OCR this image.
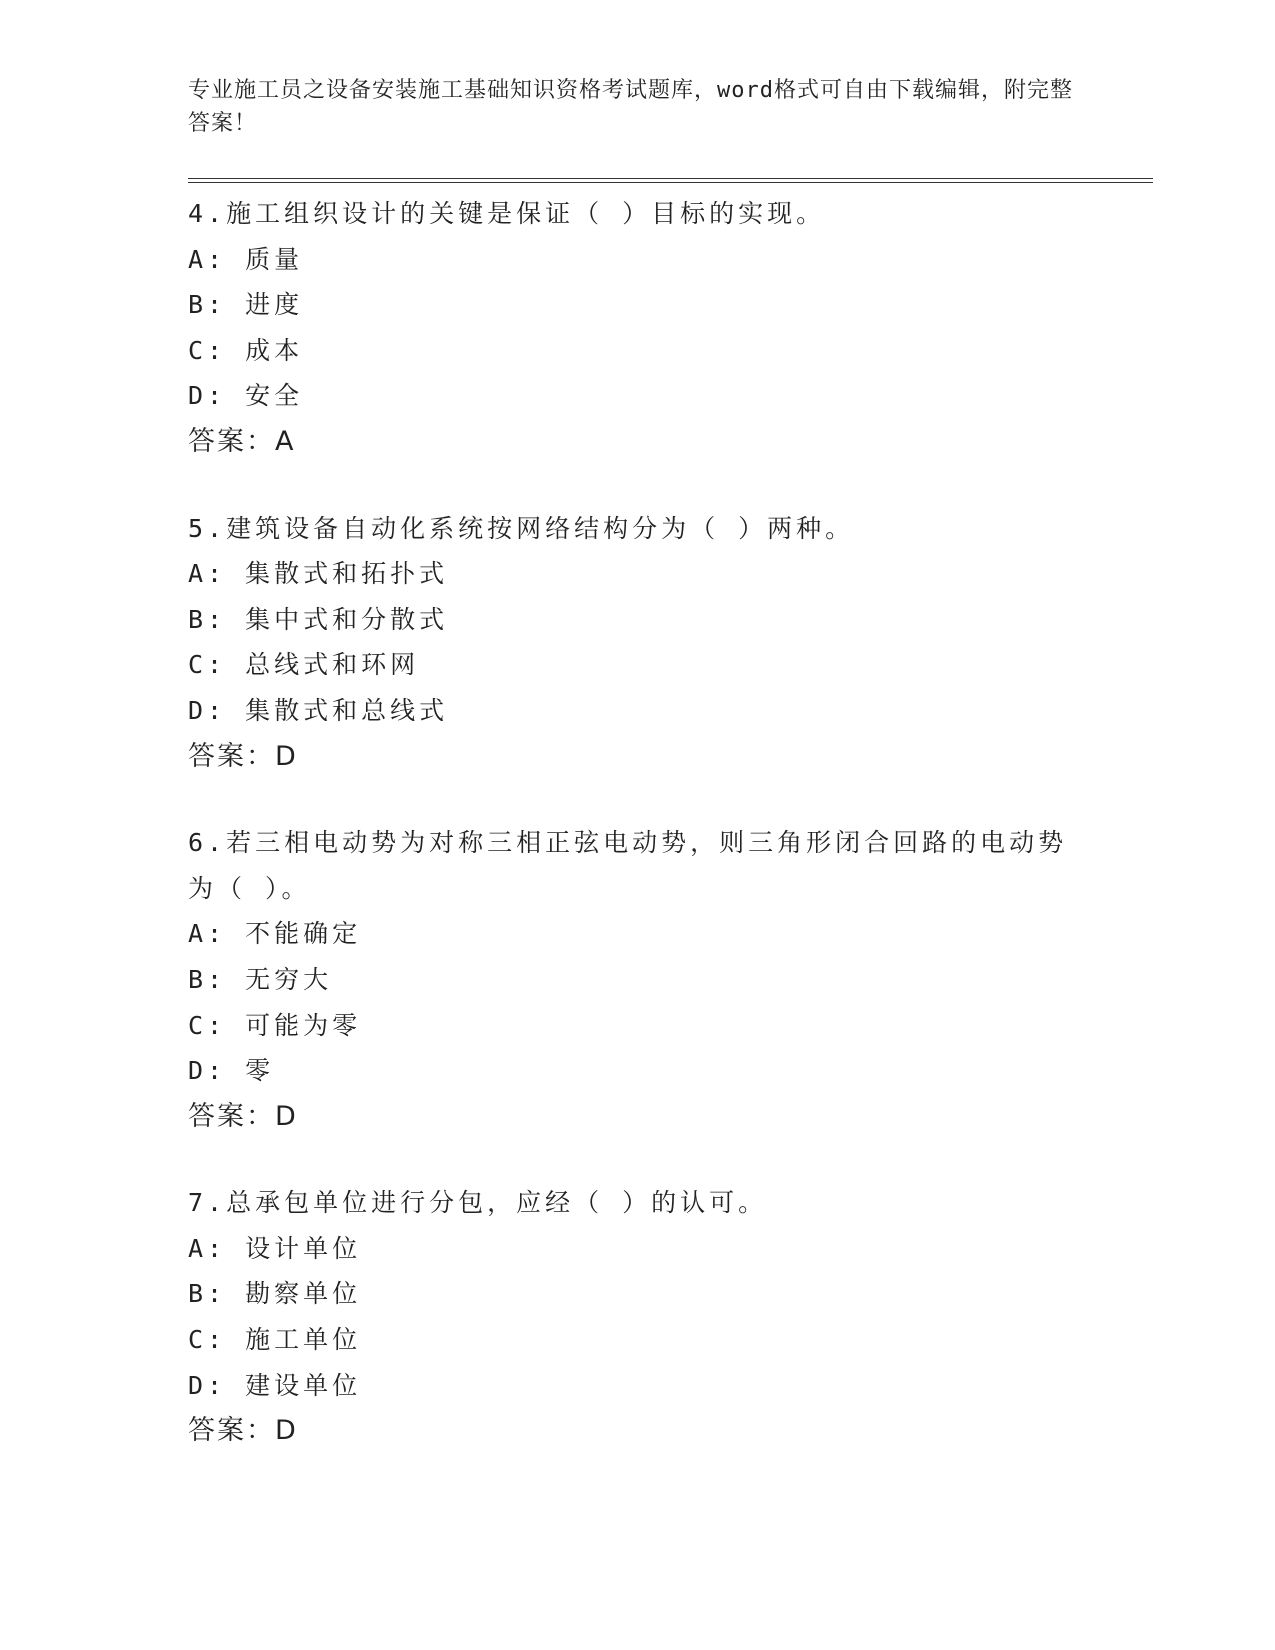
专业施工员之设备安装施工基础知识资格考试题库，word格式可自由下载编辑，附完整答案！
4.施工组织设计的关键是保证（ ）目标的实现。
A: 质量
B: 进度
C: 成本
D: 安全
答案：A
5.建筑设备自动化系统按网络结构分为（ ）两种。
A: 集散式和拓扑式
B: 集中式和分散式
C: 总线式和环网
D: 集散式和总线式
答案：D
6.若三相电动势为对称三相正弦电动势，则三角形闭合回路的电动势为（ ）。
A: 不能确定
B: 无穷大
C: 可能为零
D: 零
答案：D
7.总承包单位进行分包，应经（ ）的认可。
A: 设计单位
B: 勘察单位
C: 施工单位
D: 建设单位
答案：D
